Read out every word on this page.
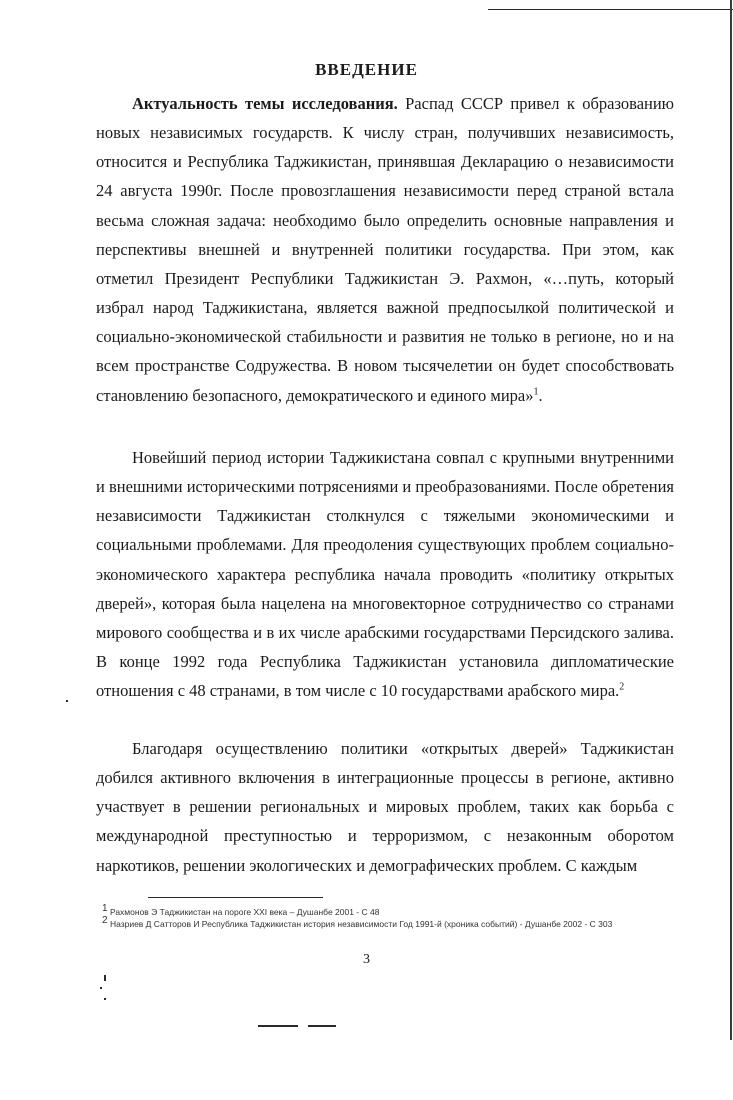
ВВЕДЕНИЕ

Актуальность темы исследования. Распад СССР привел к образованию новых независимых государств. К числу стран, получивших независимость, относится и Республика Таджикистан, принявшая Декларацию о независимости 24 августа 1990г. После провозглашения независимости перед страной встала весьма сложная задача: необходимо было определить основные направления и перспективы внешней и внутренней политики государства. При этом, как отметил Президент Республики Таджикистан Э. Рахмон, «…путь, который избрал народ Таджикистана, является важной предпосылкой политической и социально-экономической стабильности и развития не только в регионе, но и на всем пространстве Содружества. В новом тысячелетии он будет способствовать становлению безопасного, демократического и единого мира»$^1$.

Новейший период истории Таджикистана совпал с крупными внутренними и внешними историческими потрясениями и преобразованиями. После обретения независимости Таджикистан столкнулся с тяжелыми экономическими и социальными проблемами. Для преодоления существующих проблем социально-экономического характера республика начала проводить «политику открытых дверей», которая была нацелена на многовекторное сотрудничество со странами мирового сообщества и в их числе арабскими государствами Персидского залива. В конце 1992 года Республика Таджикистан установила дипломатические отношения с 48 странами, в том числе с 10 государствами арабского мира.$^2$

Благодаря осуществлению политики «открытых дверей» Таджикистан добился активного включения в интеграционные процессы в регионе, активно участвует в решении региональных и мировых проблем, таких как борьба с международной преступностью и терроризмом, с незаконным оборотом наркотиков, решении экологических и демографических проблем. С каждым

$^1$ Рахмонов Э Таджикистан на пороге XXI века – Душанбе 2001 - С 48

$^2$ Назриев Д Сатторов И Республика Таджикистан история независимости Год 1991-й (хроника событий) - Душанбе 2002 - С 303

3
